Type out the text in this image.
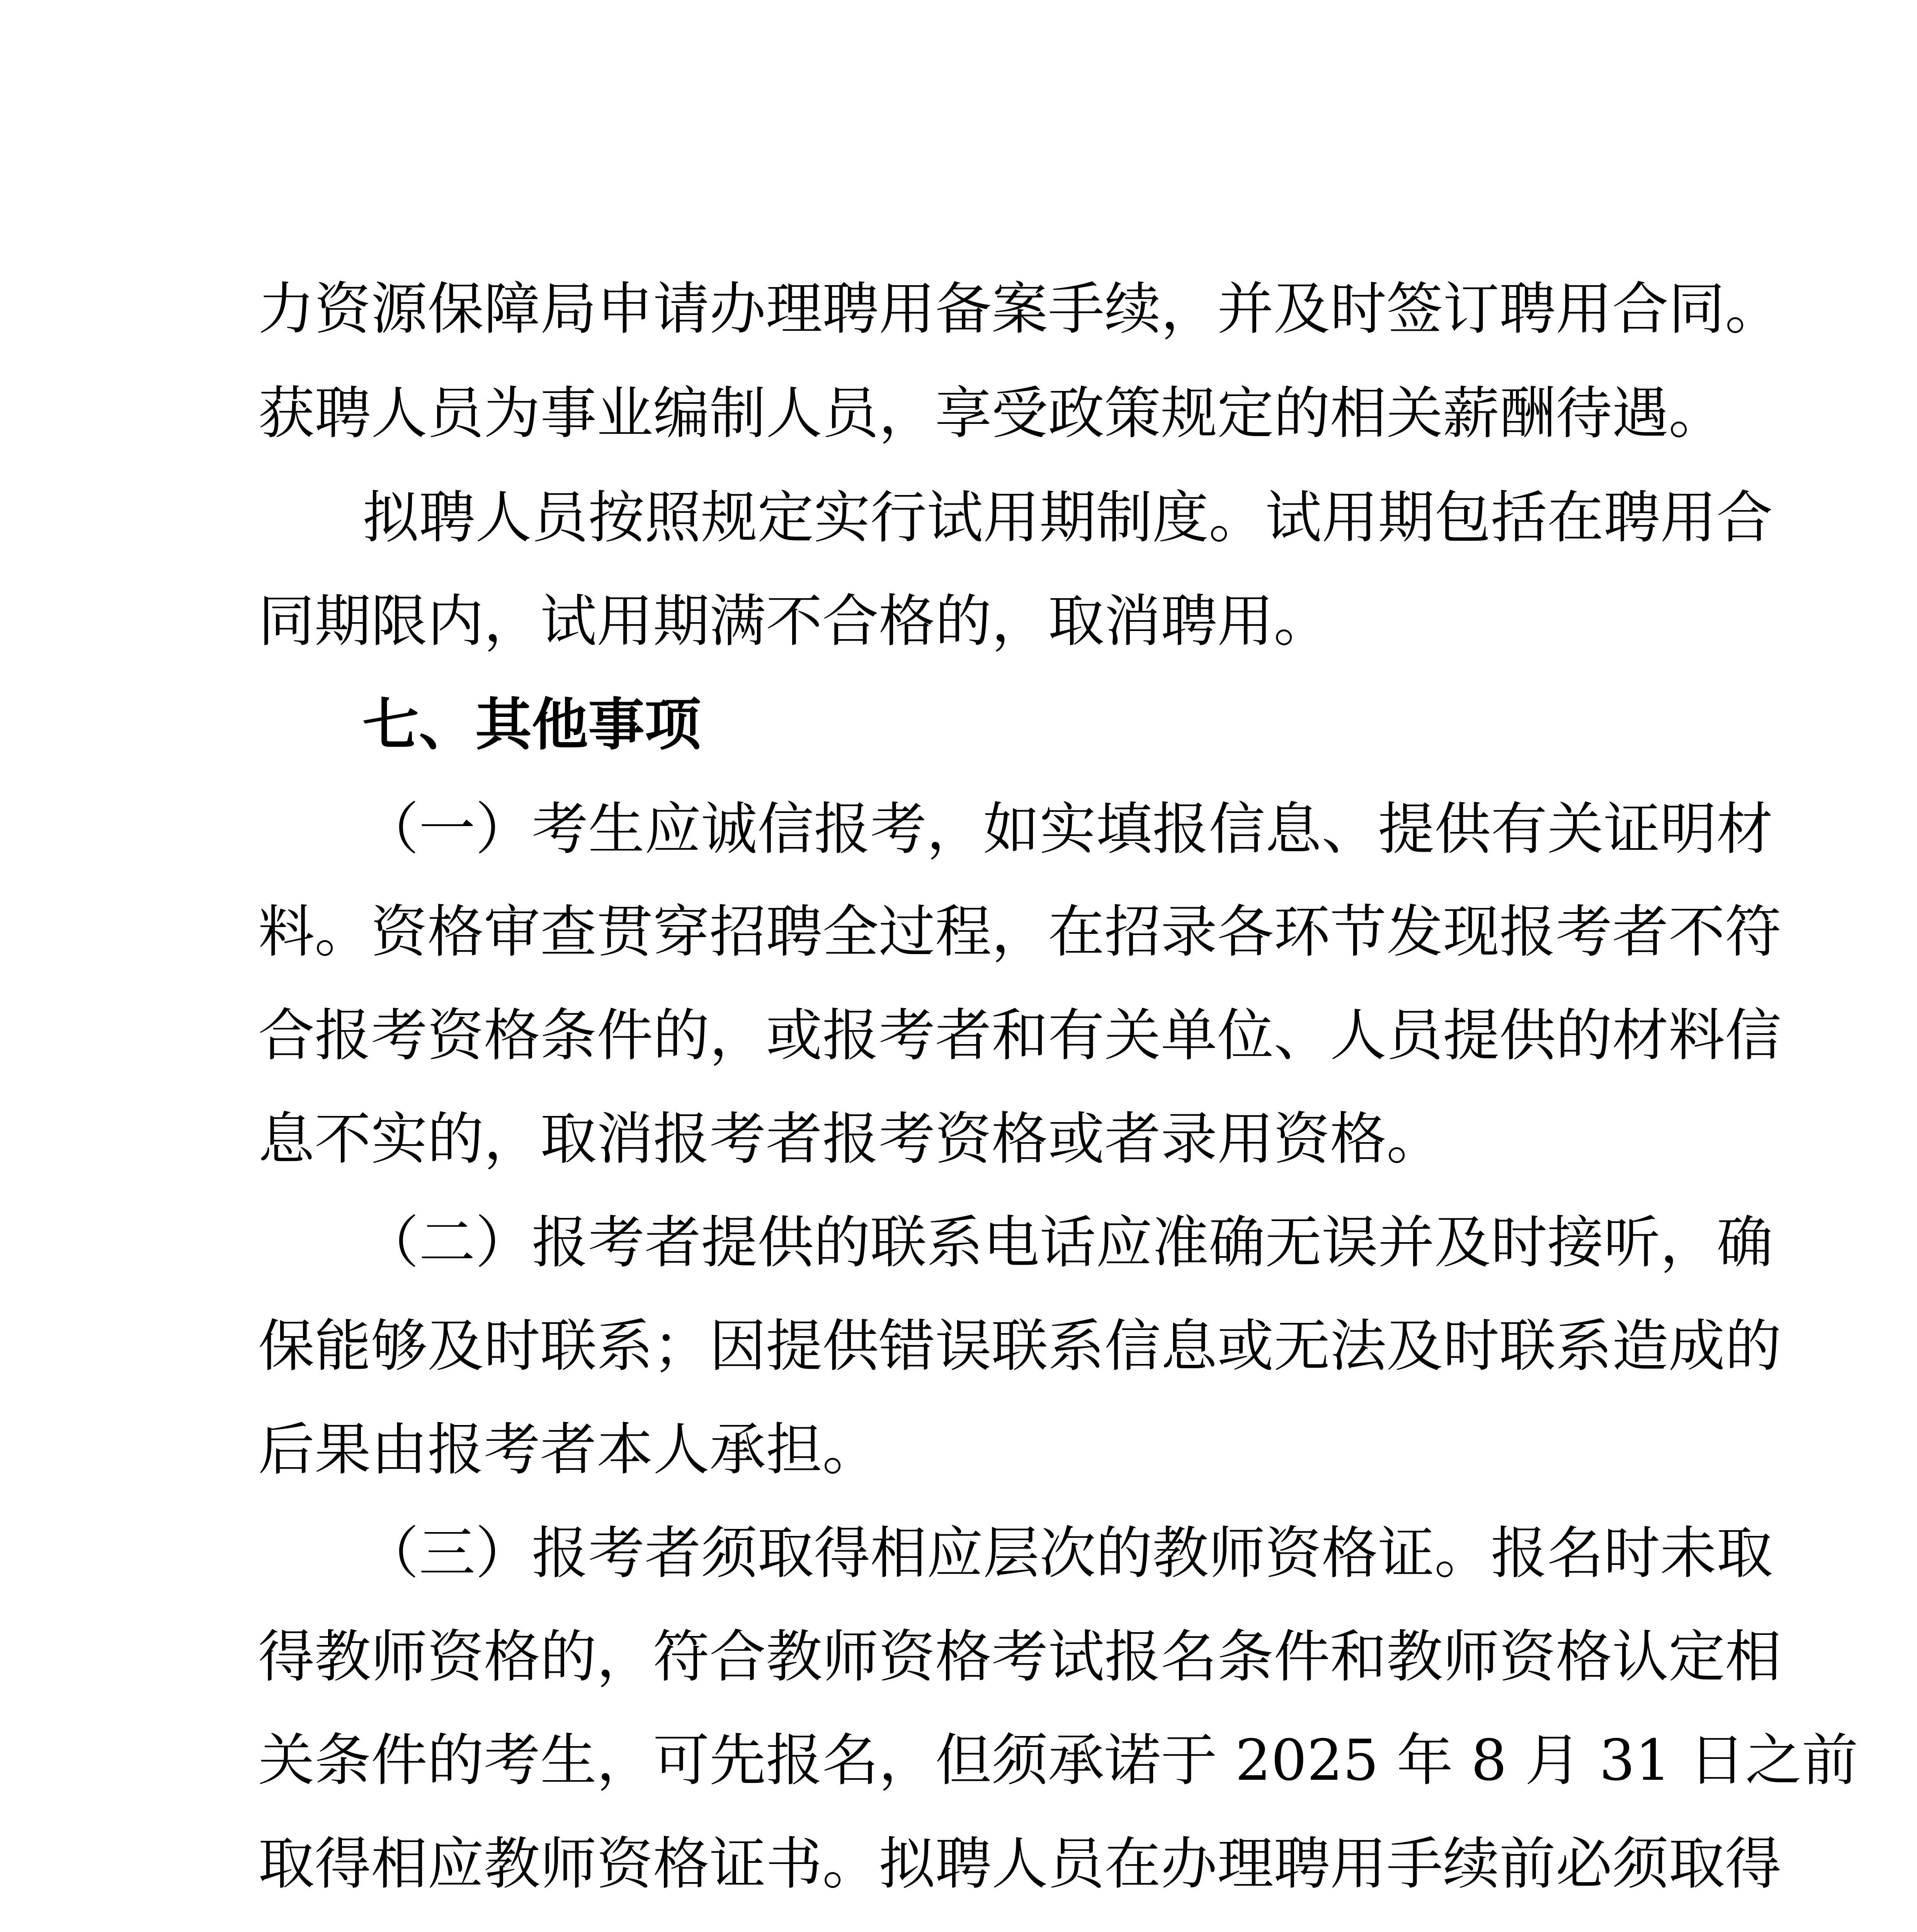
力资源保障局申请办理聘用备案手续，并及时签订聘用合同。
获聘人员为事业编制人员，享受政策规定的相关薪酬待遇。
拟聘人员按照规定实行试用期制度。试用期包括在聘用合
同期限内，试用期满不合格的，取消聘用。
七、其他事项
（一）考生应诚信报考，如实填报信息、提供有关证明材
料。资格审查贯穿招聘全过程，在招录各环节发现报考者不符
合报考资格条件的，或报考者和有关单位、人员提供的材料信
息不实的，取消报考者报考资格或者录用资格。
（二）报考者提供的联系电话应准确无误并及时接听，确
保能够及时联系；因提供错误联系信息或无法及时联系造成的
后果由报考者本人承担。
（三）报考者须取得相应层次的教师资格证。报名时未取
得教师资格的，符合教师资格考试报名条件和教师资格认定相
关条件的考生，可先报名，但须承诺于 2025 年 8 月 31 日之前
取得相应教师资格证书。拟聘人员在办理聘用手续前必须取得
